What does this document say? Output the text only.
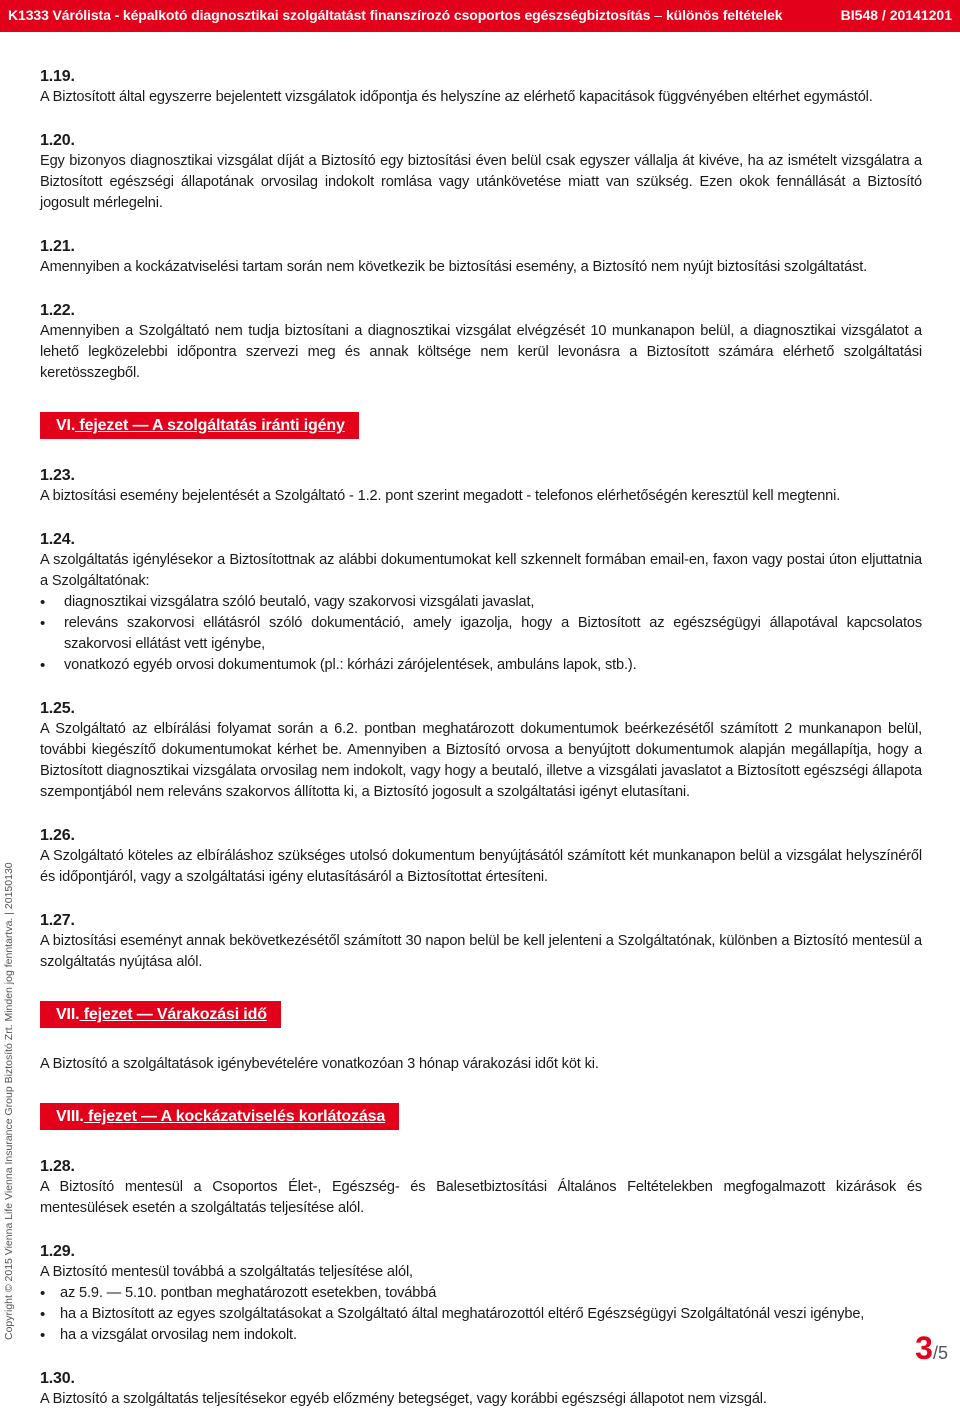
K1333 Várólista - képalkotó diagnosztikai szolgáltatást finanszírozó csoportos egészségbiztosítás – különös feltételek	BI548 / 20141201
1.19.

A Biztosított által egyszerre bejelentett vizsgálatok időpontja és helyszíne az elérhető kapacitások függvényében eltérhet egymástól.

1.20.

Egy bizonyos diagnosztikai vizsgálat díját a Biztosító egy biztosítási éven belül csak egyszer vállalja át kivéve, ha az ismételt vizsgálatra a Biztosított egészségi állapotának orvosilag indokolt romlása vagy utánkövetése miatt van szükség. Ezen okok fennállását a Biztosító jogosult mérlegelni.

1.21.

Amennyiben a kockázatviselési tartam során nem következik be biztosítási esemény, a Biztosító nem nyújt biztosítási szolgáltatást.

1.22.

Amennyiben a Szolgáltató nem tudja biztosítani a diagnosztikai vizsgálat elvégzését 10 munkanapon belül, a diagnosztikai vizsgálatot a lehető legközelebbi időpontra szervezi meg és annak költsége nem kerül levonásra a Biztosított számára elérhető szolgáltatási keretösszegből.

VI. fejezet — A szolgáltatás iránti igény
1.23.

A biztosítási esemény bejelentését a Szolgáltató - 1.2. pont szerint megadott - telefonos elérhetőségén keresztül kell megtenni.

1.24.

A szolgáltatás igénylésekor a Biztosítottnak az alábbi dokumentumokat kell szkennelt formában email-en, faxon vagy postai úton eljuttatnia a Szolgáltatónak:

• diagnosztikai vizsgálatra szóló beutaló, vagy szakorvosi vizsgálati javaslat,
• releváns szakorvosi ellátásról szóló dokumentáció, amely igazolja, hogy a Biztosított az egészségügyi állapotával kapcsolatos szakorvosi ellátást vett igénybe,
• vonatkozó egyéb orvosi dokumentumok (pl.: kórházi zárójelentések, ambuláns lapok, stb.).
1.25.

A Szolgáltató az elbírálási folyamat során a 6.2. pontban meghatározott dokumentumok beérkezésétől számított 2 munkanapon belül, további kiegészítő dokumentumokat kérhet be. Amennyiben a Biztosító orvosa a benyújtott dokumentumok alapján megállapítja, hogy a Biztosított diagnosztikai vizsgálata orvosilag nem indokolt, vagy hogy a beutaló, illetve a vizsgálati javaslatot a Biztosított egészségi állapota szempontjából nem releváns szakorvos állította ki, a Biztosító jogosult a szolgáltatási igényt elutasítani.

1.26.

A Szolgáltató köteles az elbíráláshoz szükséges utolsó dokumentum benyújtásától számított két munkanapon belül a vizsgálat helyszínéről és időpontjáról, vagy a szolgáltatási igény elutasításáról a Biztosítottat értesíteni.

1.27.

A biztosítási eseményt annak bekövetkezésétől számított 30 napon belül be kell jelenteni a Szolgáltatónak, különben a Biztosító mentesül a szolgáltatás nyújtása alól.

VII. fejezet — Várakozási idő

A Biztosító a szolgáltatások igénybevételére vonatkozóan 3 hónap várakozási időt köt ki.

VIII. fejezet — A kockázatviselés korlátozása
1.28.

A Biztosító mentesül a Csoportos Élet-, Egészség- és Balesetbiztosítási Általános Feltételekben megfogalmazott kizárások és mentesülések esetén a szolgáltatás teljesítése alól.

1.29.

A Biztosító mentesül továbbá a szolgáltatás teljesítése alól,

• az 5.9. — 5.10. pontban meghatározott esetekben, továbbá
• ha a Biztosított az egyes szolgáltatásokat a Szolgáltató által meghatározottól eltérő Egészségügyi Szolgáltatónál veszi igénybe,
• ha a vizsgálat orvosilag nem indokolt.
1.30.

A Biztosító a szolgáltatás teljesítésekor egyéb előzmény betegséget, vagy korábbi egészségi állapotot nem vizsgál.

Copyright © 2015 Vienna Life Vienna Insurance Group Biztosító Zrt. Minden jog fenntartva. | 20150130
3/5
